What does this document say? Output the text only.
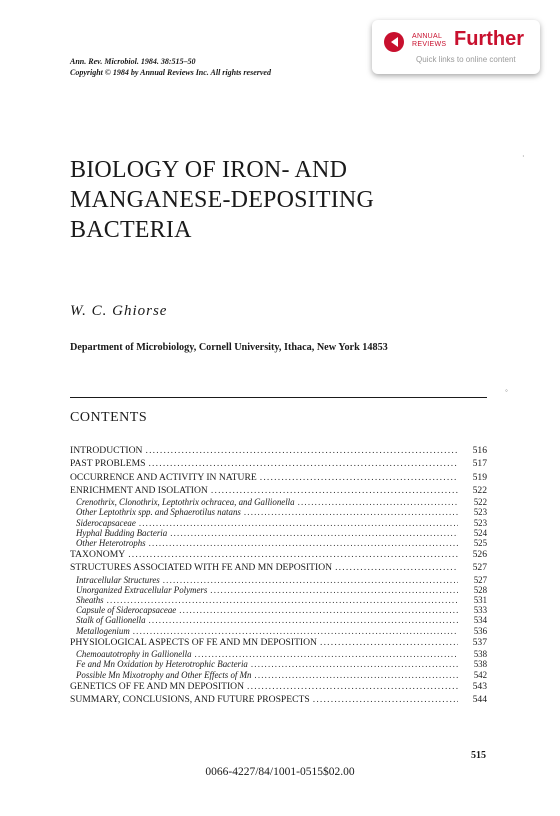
ANNUAL
REVIEWS Further
Quick links to online content
Ann. Rev. Microbiol. 1984. 38:515–50
Copyright © 1984 by Annual Reviews Inc. All rights reserved
BIOLOGY OF IRON- AND
MANGANESE-DEPOSITING
BACTERIA
W. C. Ghiorse
Department of Microbiology, Cornell University, Ithaca, New York 14853
·
◦
CONTENTS
INTRODUCTION .....	516
PAST PROBLEMS .....	517
OCCURRENCE AND ACTIVITY IN NATURE .....	519
ENRICHMENT AND ISOLATION .....	522
Crenothrix, Clonothrix, Leptothrix ochracea, and Gallionella .....	522
Other Leptothrix spp. and Sphaerotilus natans .....	523
Siderocapsaceae .....	523
Hyphal Budding Bacteria .....	524
Other Heterotrophs .....	525
TAXONOMY .....	526
STRUCTURES ASSOCIATED WITH FE AND MN DEPOSITION .....	527
Intracellular Structures .....	527
Unorganized Extracellular Polymers .....	528
Sheaths .....	531
Capsule of Siderocapsaceae .....	533
Stalk of Gallionella .....	534
Metallogenium .....	536
PHYSIOLOGICAL ASPECTS OF FE AND MN DEPOSITION .....	537
Chemoautotrophy in Gallionella .....	538
Fe and Mn Oxidation by Heterotrophic Bacteria .....	538
Possible Mn Mixotrophy and Other Effects of Mn .....	542
GENETICS OF FE AND MN DEPOSITION .....	543
SUMMARY, CONCLUSIONS, AND FUTURE PROSPECTS .....	544
515
0066-4227/84/1001-0515$02.00
